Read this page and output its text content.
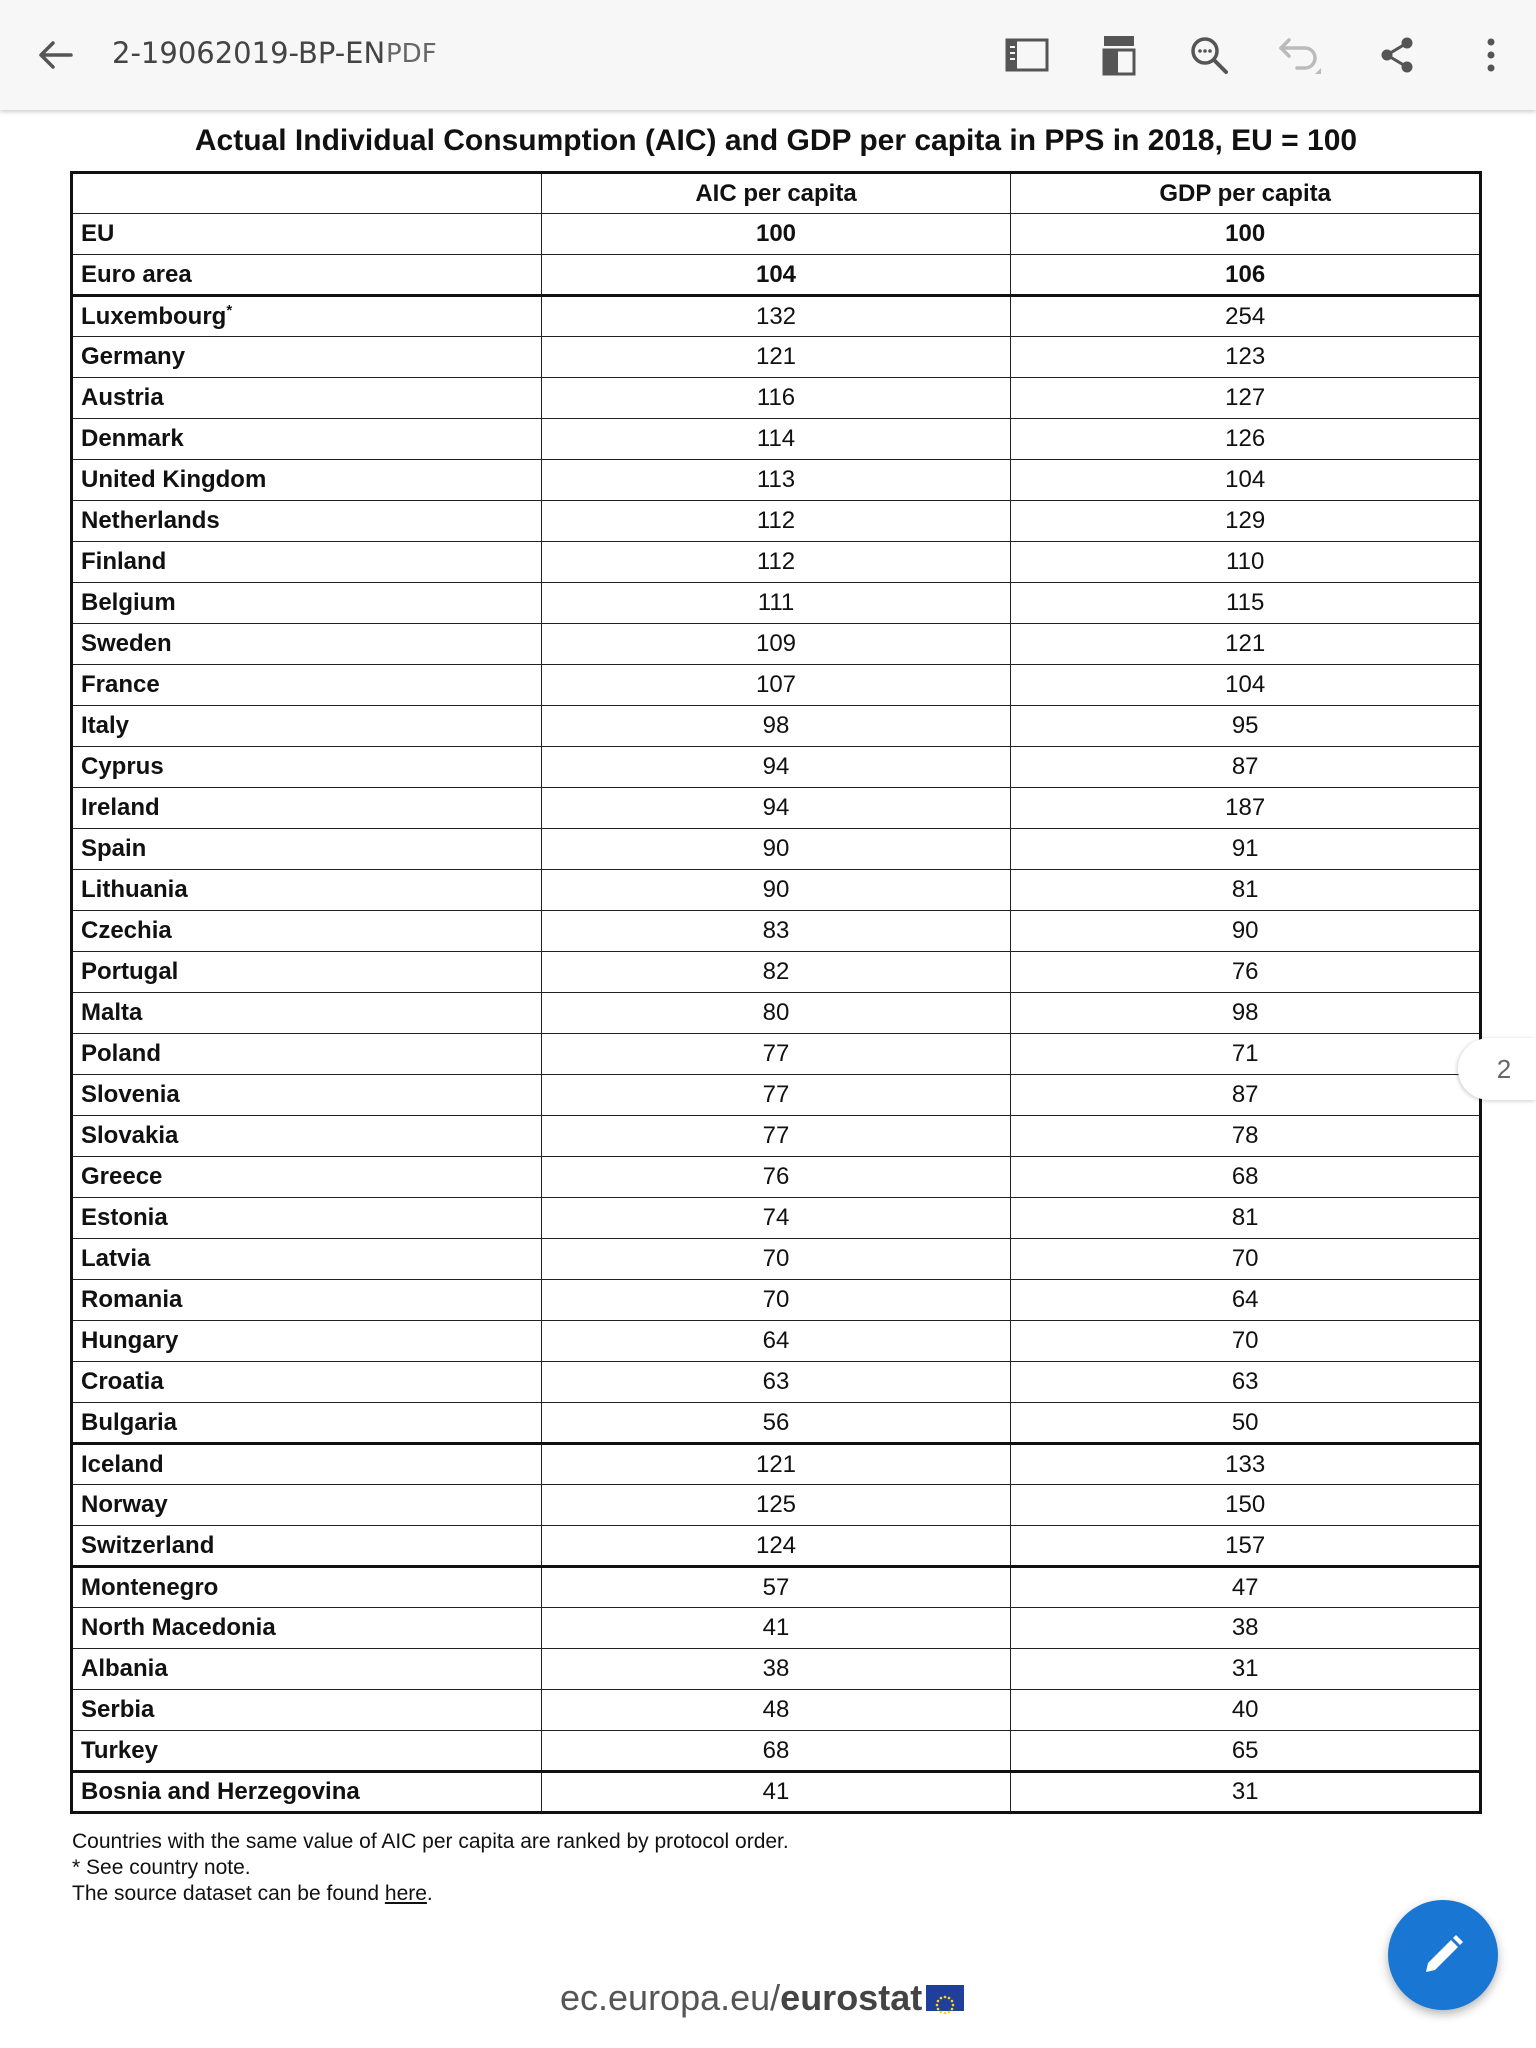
2-19062019-BP-EN PDF
Actual Individual Consumption (AIC) and GDP per capita in PPS in 2018, EU = 100
	AIC per capita	GDP per capita
EU	100	100
Euro area	104	106
Luxembourg*	132	254
Germany	121	123
Austria	116	127
Denmark	114	126
United Kingdom	113	104
Netherlands	112	129
Finland	112	110
Belgium	111	115
Sweden	109	121
France	107	104
Italy	98	95
Cyprus	94	87
Ireland	94	187
Spain	90	91
Lithuania	90	81
Czechia	83	90
Portugal	82	76
Malta	80	98
Poland	77	71
Slovenia	77	87
Slovakia	77	78
Greece	76	68
Estonia	74	81
Latvia	70	70
Romania	70	64
Hungary	64	70
Croatia	63	63
Bulgaria	56	50
Iceland	121	133
Norway	125	150
Switzerland	124	157
Montenegro	57	47
North Macedonia	41	38
Albania	38	31
Serbia	48	40
Turkey	68	65
Bosnia and Herzegovina	41	31
Countries with the same value of AIC per capita are ranked by protocol order.
* See country note.
The source dataset can be found here.
ec.europa.eu/ eurostat
2
